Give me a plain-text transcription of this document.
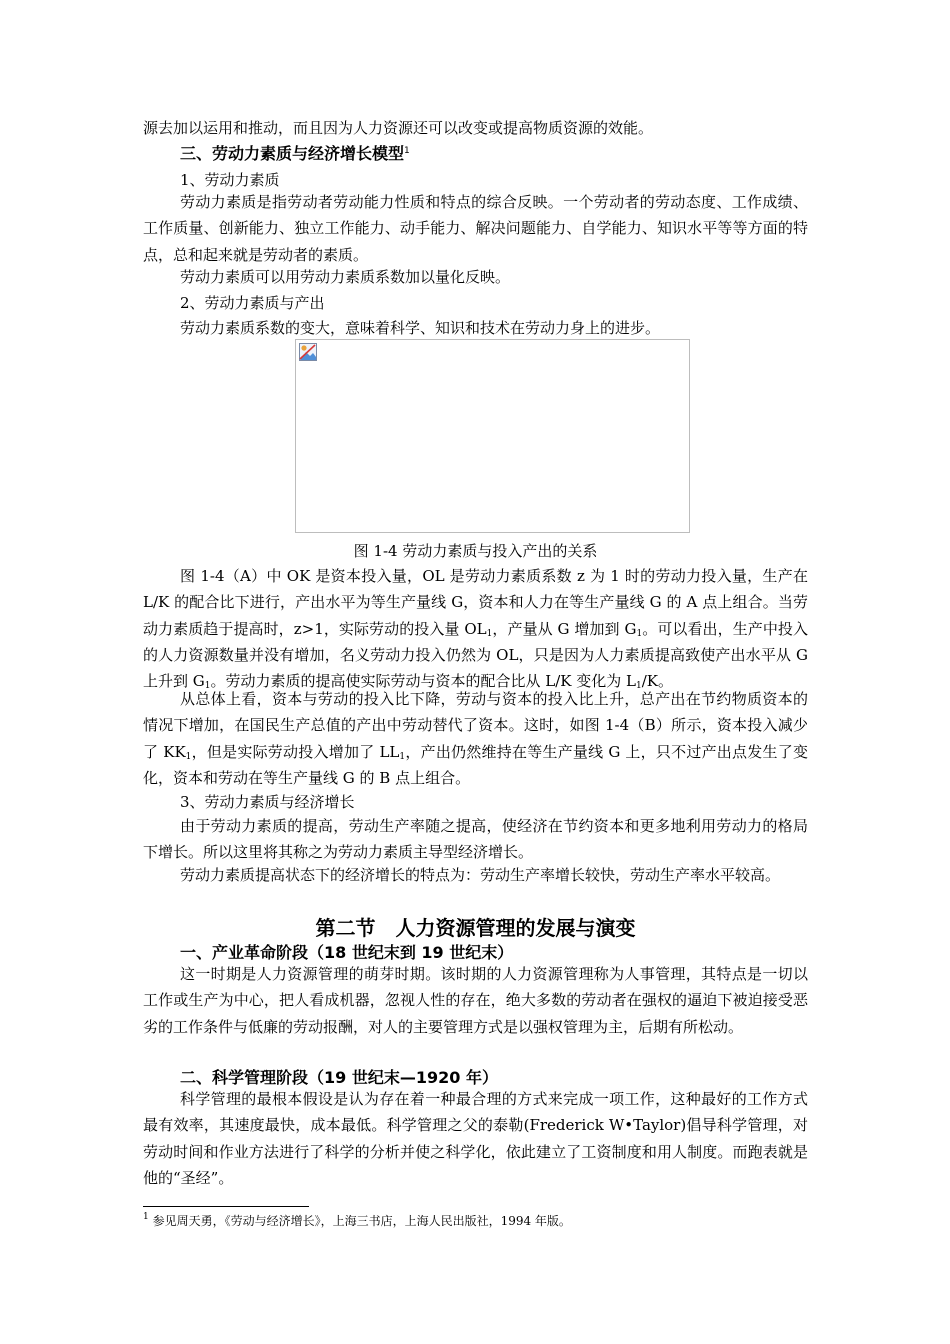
源去加以运用和推动，而且因为人力资源还可以改变或提高物质资源的效能。

三、劳动力素质与经济增长模型$^1$

1、劳动力素质

劳动力素质是指劳动者劳动能力性质和特点的综合反映。一个劳动者的劳动态度、工作成绩、工作质量、创新能力、独立工作能力、动手能力、解决问题能力、自学能力、知识水平等等方面的特点，总和起来就是劳动者的素质。

劳动力素质可以用劳动力素质系数加以量化反映。

2、劳动力素质与产出

劳动力素质系数的变大，意味着科学、知识和技术在劳动力身上的进步。

图 1-4 劳动力素质与投入产出的关系

图 1-4（A）中 OK 是资本投入量，OL 是劳动力素质系数 z 为 1 时的劳动力投入量，生产在 L/K 的配合比下进行，产出水平为等生产量线 G，资本和人力在等生产量线 G 的 A 点上组合。当劳动力素质趋于提高时，z>1，实际劳动的投入量 $OL_1$，产量从 G 增加到 $G_1$。可以看出，生产中投入的人力资源数量并没有增加，名义劳动力投入仍然为 OL，只是因为人力素质提高致使产出水平从 G 上升到 $G_1$。劳动力素质的提高使实际劳动与资本的配合比从 L/K 变化为 $L_1/K$。

从总体上看，资本与劳动的投入比下降，劳动与资本的投入比上升，总产出在节约物质资本的情况下增加，在国民生产总值的产出中劳动替代了资本。这时，如图 1-4（B）所示，资本投入减少了 $KK_1$，但是实际劳动投入增加了 $LL_1$，产出仍然维持在等生产量线 G 上，只不过产出点发生了变化，资本和劳动在等生产量线 G 的 B 点上组合。

3、劳动力素质与经济增长

由于劳动力素质的提高，劳动生产率随之提高，使经济在节约资本和更多地利用劳动力的格局下增长。所以这里将其称之为劳动力素质主导型经济增长。

劳动力素质提高状态下的经济增长的特点为：劳动生产率增长较快，劳动生产率水平较高。

第二节　人力资源管理的发展与演变

一、产业革命阶段（18 世纪末到 19 世纪末）

这一时期是人力资源管理的萌芽时期。该时期的人力资源管理称为人事管理，其特点是一切以工作或生产为中心，把人看成机器，忽视人性的存在，绝大多数的劳动者在强权的逼迫下被迫接受恶劣的工作条件与低廉的劳动报酬，对人的主要管理方式是以强权管理为主，后期有所松动。

二、科学管理阶段（19 世纪末—1920 年）

科学管理的最根本假设是认为存在着一种最合理的方式来完成一项工作，这种最好的工作方式最有效率，其速度最快，成本最低。科学管理之父的泰勒(Frederick W•Taylor)倡导科学管理，对劳动时间和作业方法进行了科学的分析并使之科学化，依此建立了工资制度和用人制度。而跑表就是他的“圣经”。

$^1$ 参见周天勇，《劳动与经济增长》，上海三书店，上海人民出版社，1994 年版。
